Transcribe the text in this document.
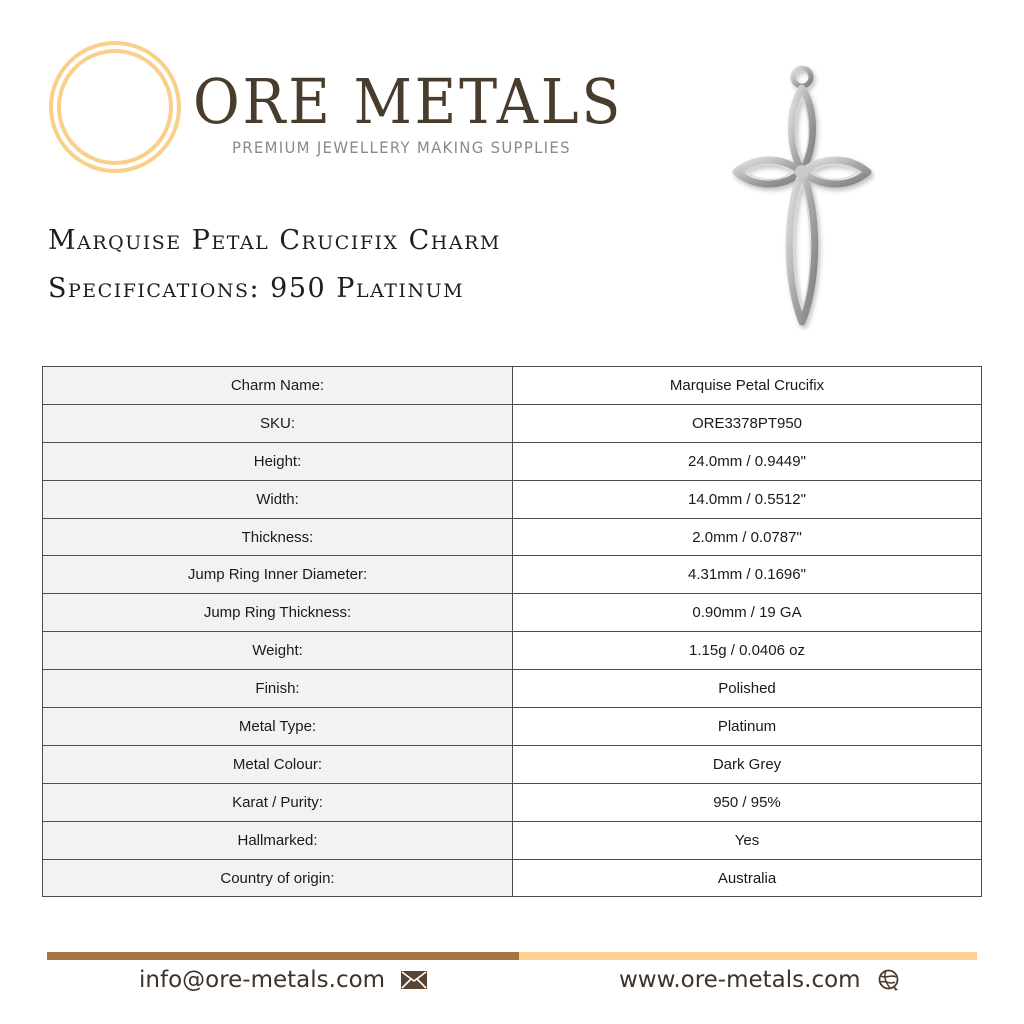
ORE METALS
PREMIUM JEWELLERY MAKING SUPPLIES
Marquise Petal Crucifix Charm
Specifications: 950 Platinum
Charm Name:	Marquise Petal Crucifix
SKU:	ORE3378PT950
Height:	24.0mm / 0.9449"
Width:	14.0mm / 0.5512"
Thickness:	2.0mm / 0.0787"
Jump Ring Inner Diameter:	4.31mm / 0.1696"
Jump Ring Thickness:	0.90mm / 19 GA
Weight:	1.15g / 0.0406 oz
Finish:	Polished
Metal Type:	Platinum
Metal Colour:	Dark Grey
Karat / Purity:	950 / 95%
Hallmarked:	Yes
Country of origin:	Australia
info@ore-metals.com	www.ore-metals.com
